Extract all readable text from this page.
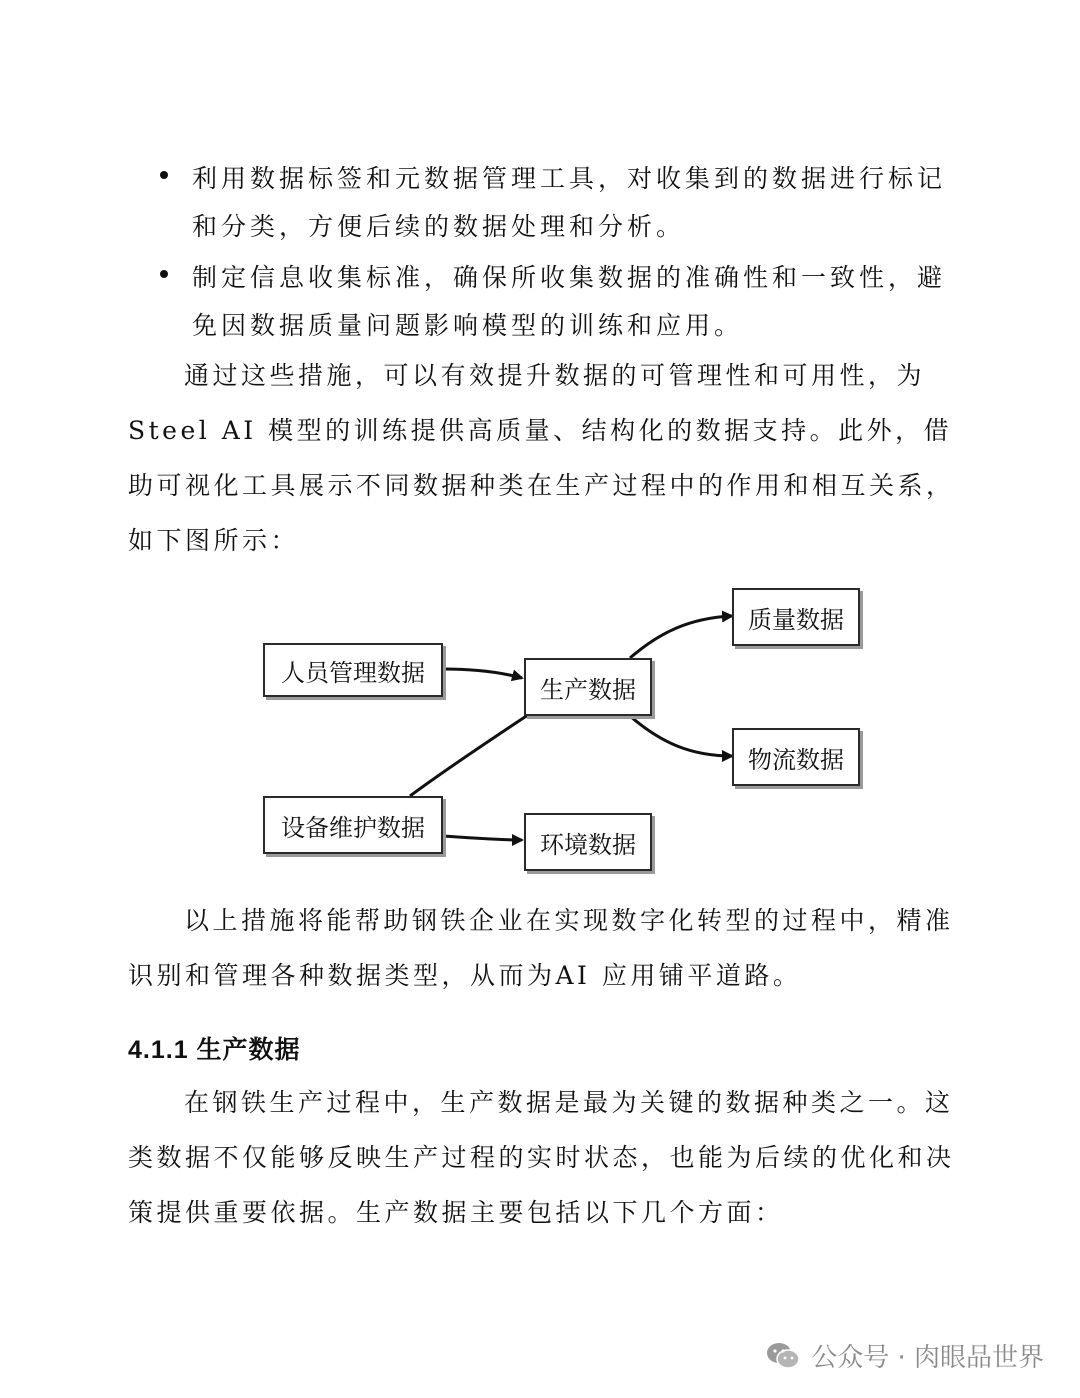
利用数据标签和元数据管理工具，对收集到的数据进行标记和分类，方便后续的数据处理和分析。
制定信息收集标准，确保所收集数据的准确性和一致性，避免因数据质量问题影响模型的训练和应用。

通过这些措施，可以有效提升数据的可管理性和可用性，为Steel AI 模型的训练提供高质量、结构化的数据支持。此外，借助可视化工具展示不同数据种类在生产过程中的作用和相互关系，如下图所示：

人员管理数据
设备维护数据
生产数据
环境数据
质量数据
物流数据

以上措施将能帮助钢铁企业在实现数字化转型的过程中，精准识别和管理各种数据类型，从而为AI 应用铺平道路。

4.1.1 生产数据

在钢铁生产过程中，生产数据是最为关键的数据种类之一。这类数据不仅能够反映生产过程的实时状态，也能为后续的优化和决策提供重要依据。生产数据主要包括以下几个方面：

公众号 · 肉眼品世界
